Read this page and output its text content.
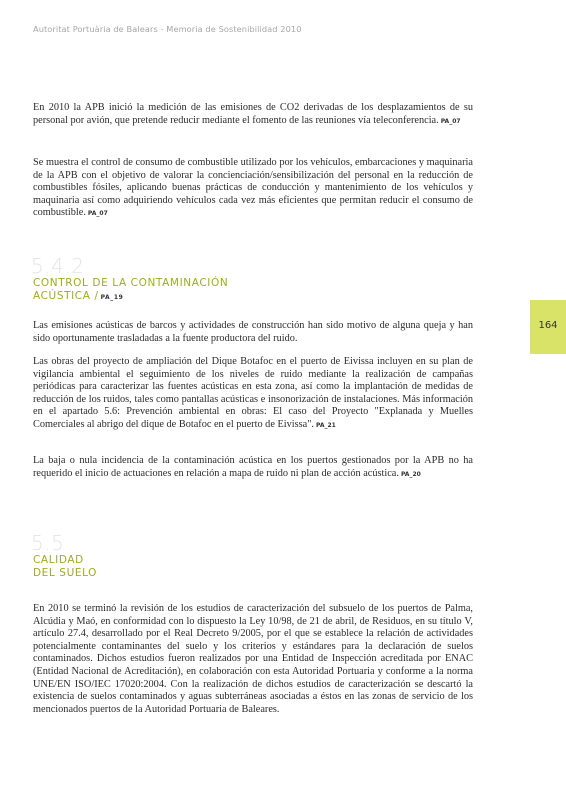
Autoritat Portuària de Balears - Memoria de Sostenibilidad 2010

En 2010 la APB inició la medición de las emisiones de CO2 derivadas de los desplazamientos de su personal por avión, que pretende reducir mediante el fomento de las reuniones vía teleconferencia. PA_07

Se muestra el control de consumo de combustible utilizado por los vehículos, embarcaciones y maquinaria de la APB con el objetivo de valorar la concienciación/sensibilización del personal en la reducción de combustibles fósiles, aplicando buenas prácticas de conducción y mantenimiento de los vehículos y maquinaria así como adquiriendo vehículos cada vez más eficientes que permitan reducir el consumo de combustible. PA_07

5.4.2

CONTROL DE LA CONTAMINACIÓN
ACÚSTICA / PA_19

Las emisiones acústicas de barcos y actividades de construcción han sido motivo de alguna queja y han sido oportunamente trasladadas a la fuente productora del ruido.

Las obras del proyecto de ampliación del Dique Botafoc en el puerto de Eivissa incluyen en su plan de vigilancia ambiental el seguimiento de los niveles de ruido mediante la realización de campañas periódicas para caracterizar las fuentes acústicas en esta zona, así como la implantación de medidas de reducción de los ruidos, tales como pantallas acústicas e insonorización de instalaciones. Más información en el apartado 5.6: Prevención ambiental en obras: El caso del Proyecto "Explanada y Muelles Comerciales al abrigo del dique de Botafoc en el puerto de Eivissa". PA_21

La baja o nula incidencia de la contaminación acústica en los puertos gestionados por la APB no ha requerido el inicio de actuaciones en relación a mapa de ruido ni plan de acción acústica. PA_20

5.5

CALIDAD
DEL SUELO

En 2010 se terminó la revisión de los estudios de caracterización del subsuelo de los puertos de Palma, Alcúdia y Maó, en conformidad con lo dispuesto la Ley 10/98, de 21 de abril, de Residuos, en su título V, artículo 27.4, desarrollado por el Real Decreto 9/2005, por el que se establece la relación de actividades potencialmente contaminantes del suelo y los criterios y estándares para la declaración de suelos contaminados. Dichos estudios fueron realizados por una Entidad de Inspección acreditada por ENAC (Entidad Nacional de Acreditación), en colaboración con esta Autoridad Portuaria y conforme a la norma UNE/EN ISO/IEC 17020:2004. Con la realización de dichos estudios de caracterización se descartó la existencia de suelos contaminados y aguas subterráneas asociadas a éstos en las zonas de servicio de los mencionados puertos de la Autoridad Portuaria de Baleares.

164
